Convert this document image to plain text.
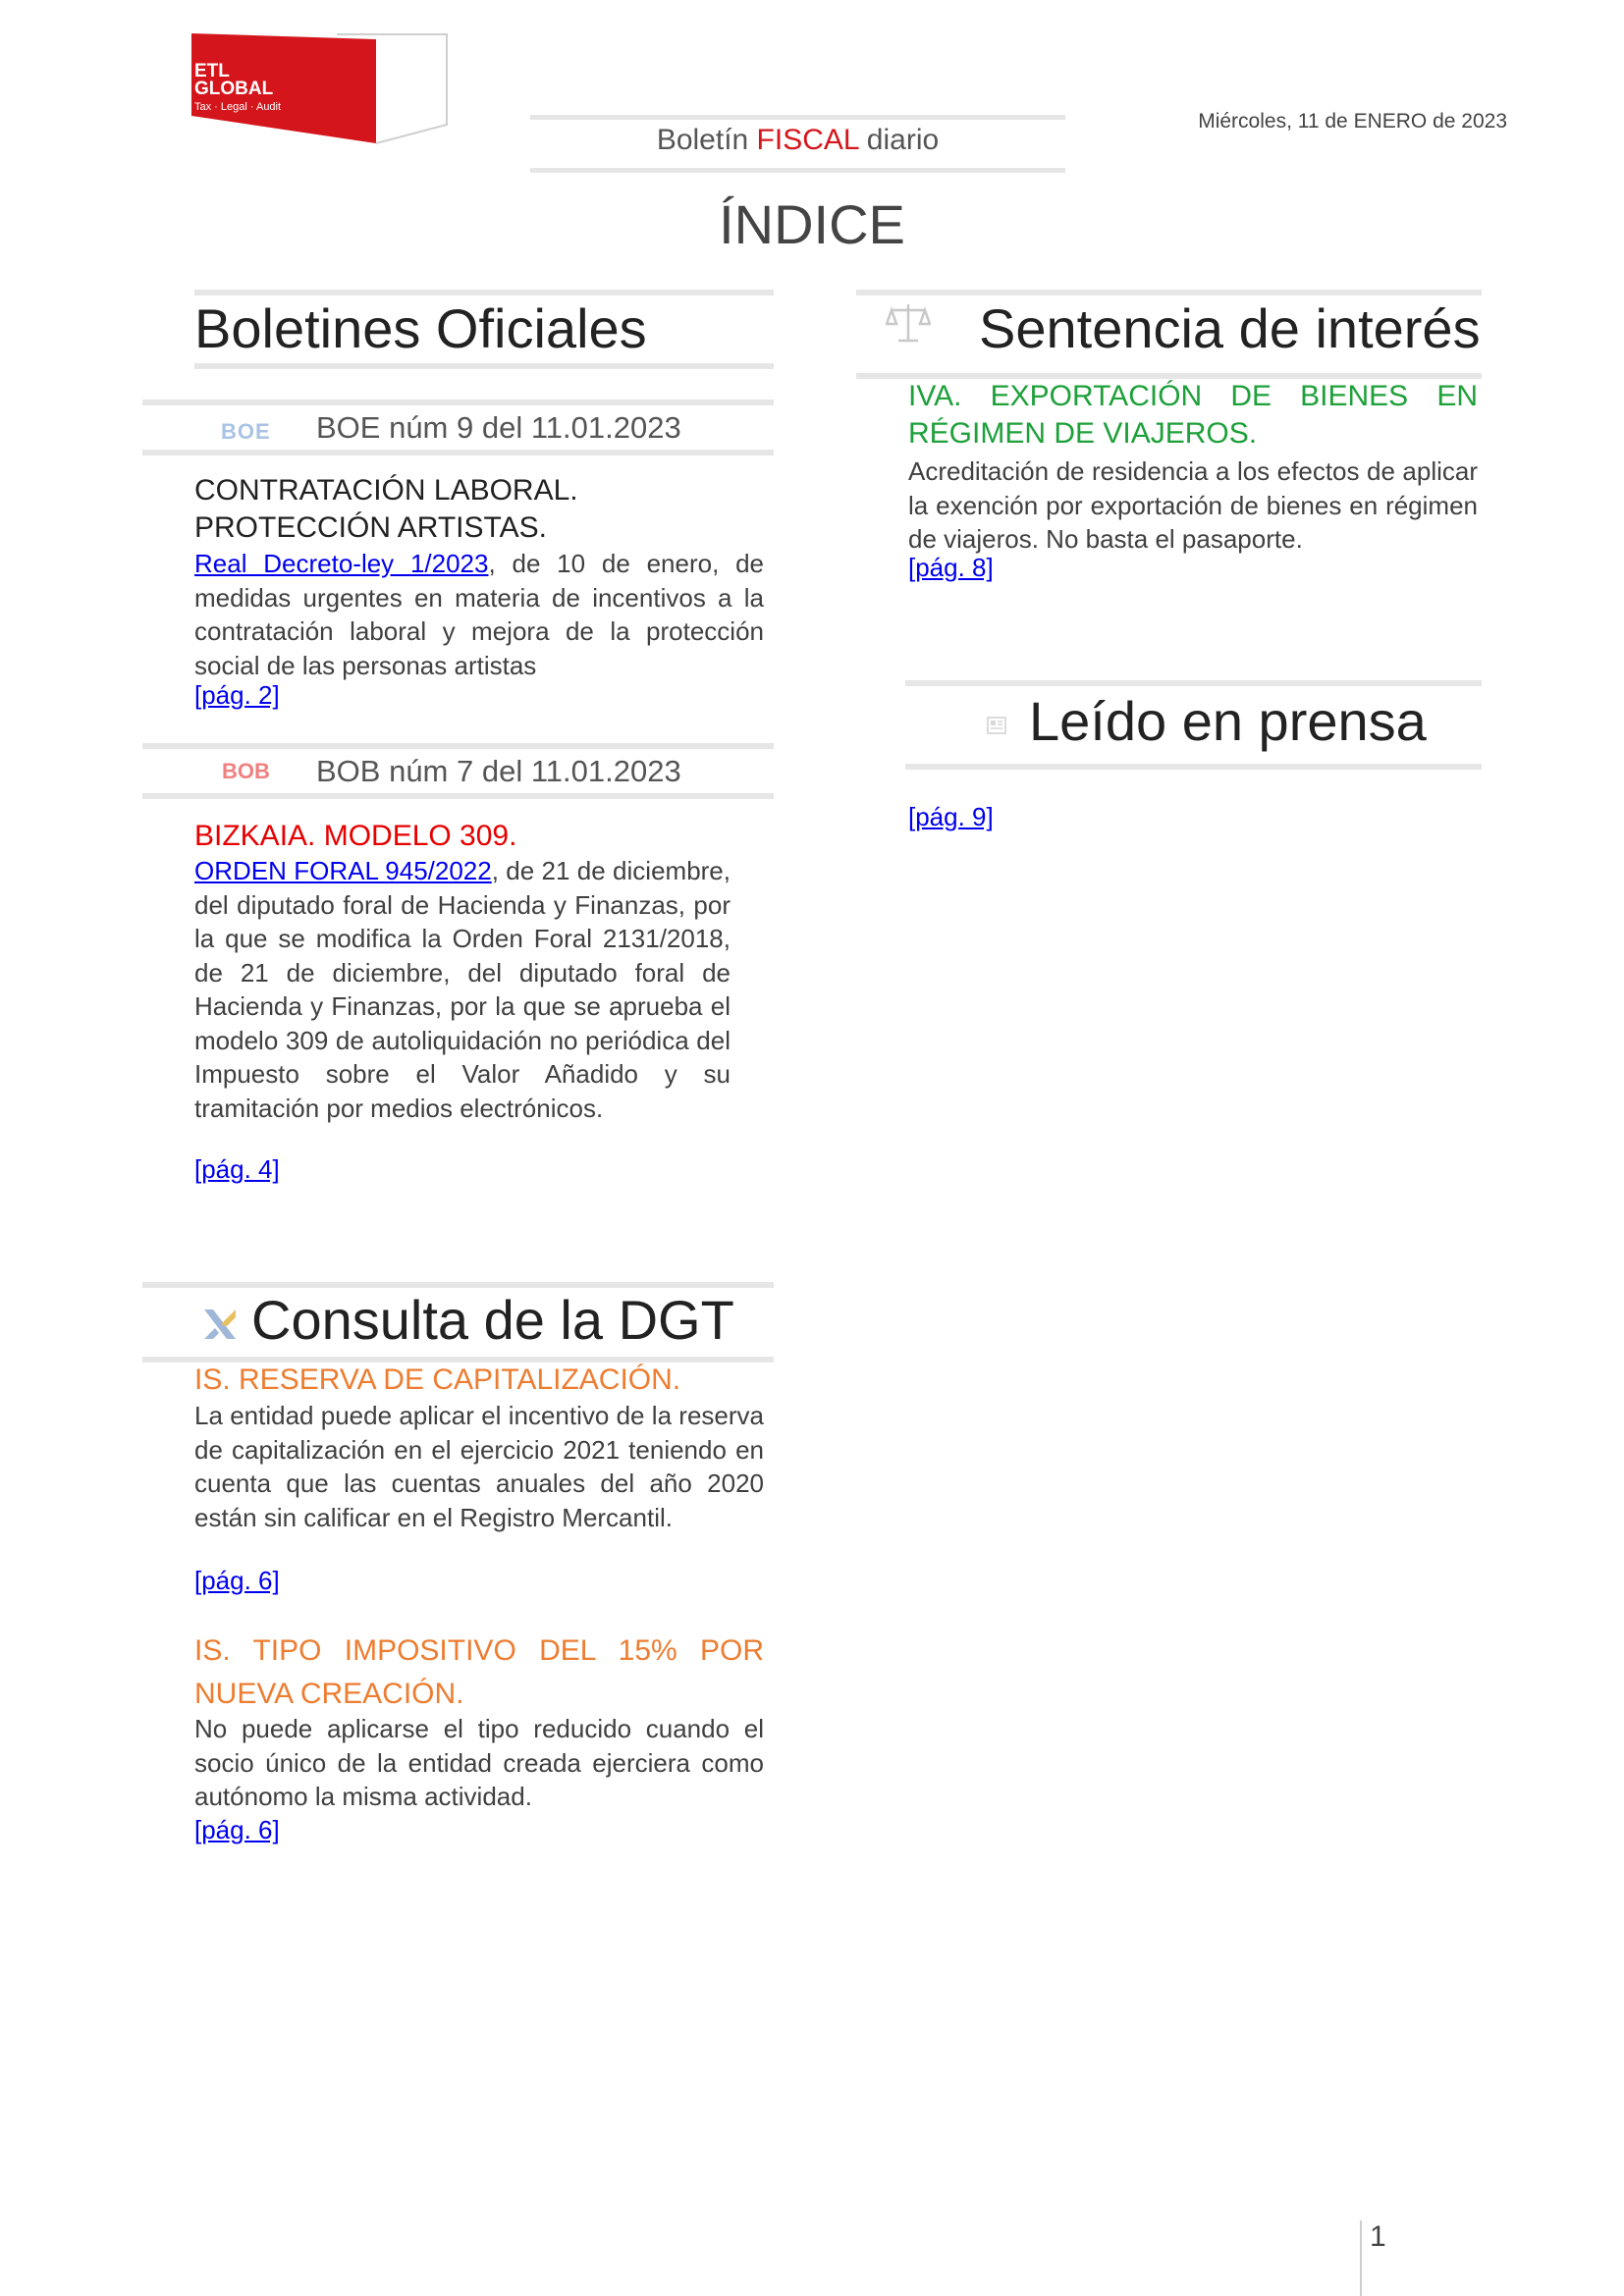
ETL
GLOBAL
Tax · Legal · Audit
Boletín FISCAL diario
Miércoles, 11 de ENERO de 2023
ÍNDICE
Boletines Oficiales
BOE BOE núm 9 del 11.01.2023
CONTRATACIÓN LABORAL.
PROTECCIÓN ARTISTAS.
Real Decreto-ley 1/2023, de 10 de enero, de medidas urgentes en materia de incentivos a la contratación laboral y mejora de la protección social de las personas artistas
[pág. 2]
BOB BOB núm 7 del 11.01.2023
BIZKAIA. MODELO 309.
ORDEN FORAL 945/2022, de 21 de diciembre, del diputado foral de Hacienda y Finanzas, por la que se modifica la Orden Foral 2131/2018, de 21 de diciembre, del diputado foral de Hacienda y Finanzas, por la que se aprueba el modelo 309 de autoliquidación no periódica del Impuesto sobre el Valor Añadido y su tramitación por medios electrónicos.
[pág. 4]
Consulta de la DGT
IS. RESERVA DE CAPITALIZACIÓN.
La entidad puede aplicar el incentivo de la reserva de capitalización en el ejercicio 2021 teniendo en cuenta que las cuentas anuales del año 2020 están sin calificar en el Registro Mercantil.
[pág. 6]
IS. TIPO IMPOSITIVO DEL 15% POR NUEVA CREACIÓN.
No puede aplicarse el tipo reducido cuando el socio único de la entidad creada ejerciera como autónomo la misma actividad.
[pág. 6]
Sentencia de interés
IVA. EXPORTACIÓN DE BIENES EN RÉGIMEN DE VIAJEROS.
Acreditación de residencia a los efectos de aplicar la exención por exportación de bienes en régimen de viajeros. No basta el pasaporte.
[pág. 8]
Leído en prensa
[pág. 9]
1
